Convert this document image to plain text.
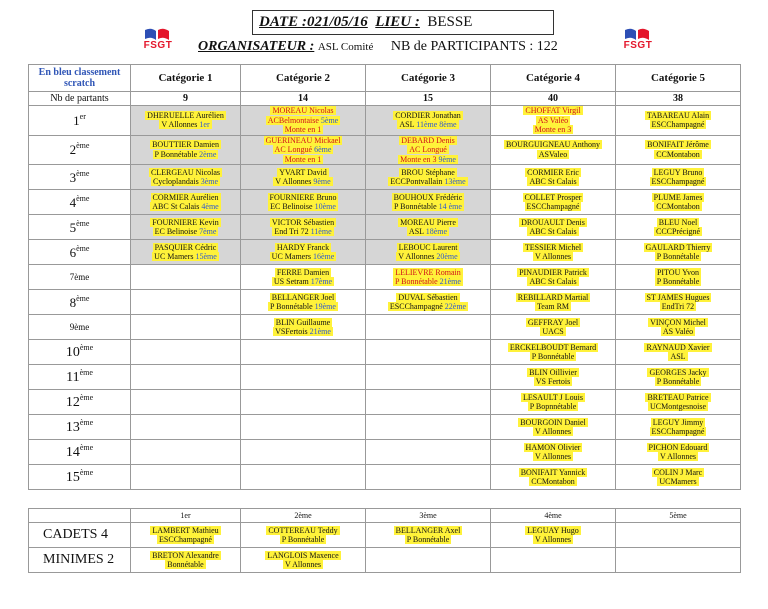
FSGT	FSGT
DATE :021/05/16 LIEU : BESSE
ORGANISATEUR : ASL Comité NB de PARTICIPANTS : 122
En bleu classement scratch	Catégorie 1	Catégorie 2	Catégorie 3	Catégorie 4	Catégorie 5
Nb de partants	9	14	15	40	38
1er	DHERUELLE Aurélien
V Allonnes 1er	MOREAU Nicolas
ACBelmontaise 5ème
Monte en 1	CORDIER Jonathan
ASL 11ème 8ème	CHOFFAT Virgil
AS Valéo
Monte en 3	TABAREAU Alain
ESCChampagné

2ème	BOUTTIER Damien
P Bonnétable 2ème	GUERINEAU Mickael
AC Longué 6ème
Monte en 1	DEBARD Denis
AC Longué
Monte en 3 9ème	BOURGUIGNEAU Anthony
ASValeo	BONIFAIT Jérôme
CCMontabon

3ème	CLERGEAU Nicolas
Cycloplandais 3ème	YVART David
V Allonnes 9ème	BROU Stéphane
ECCPontvallain 13ème	CORMIER Eric
ABC St Calais	LEGUY Bruno
ESCChampagné

4ème	CORMIER Aurélien
ABC St Calais 4ème	FOURNIERE Bruno
EC Belinoise 10ème	BOUHOUX Frédéric
P Bonnétable 14 ème	COLLET Prosper
ESCChampagné	PLUME James
CCMontabon

5ème	FOURNIERE Kevin
EC Belinoise 7ème	VICTOR Sébastien
End Tri 72 11ème	MOREAU Pierre
ASL 18ème	DROUAULT Denis
ABC St Calais	BLEU Noel
CCCPrécigné

6ème	PASQUIER Cédric
UC Mamers 15ème	HARDY Franck
UC Mamers 16ème	LEBOUC Laurent
V Allonnes 20ème	TESSIER Michel
V Allonnes	GAULARD Thierry
P Bonnétable

7ème		FERRE Damien
US Setram 17ème	LELIEVRE Romain
P Bonnétable 21ème	PINAUDIER Patrick
ABC St Calais	PITOU Yvon
P Bonnétable

8ème		BELLANGER Joel
P Bonnétable 19ème	DUVAL Sébastien
ESCChampagné 22ème	REBILLARD Martial
Team RM	ST JAMES Hugues
EndTri 72

9ème		BLIN Guillaume
VSFertois 21ème		GEFFRAY Joel
UACS	VINÇON Michel
AS Valéo

10ème				ERCKELBOUDT Bernard
P Bonnétable	RAYNAUD Xavier
ASL

11ème				BLIN Oillivier
VS Fertois	GEORGES Jacky
P Bonnétable

12ème				LESAULT J Louis
P Bopnnétable	BRETEAU Patrice
UCMontgesnoise

13ème				BOURGOIN Daniel
V Allonnes	LEGUY Jimmy
ESCChampagné

14ème				HAMON Olivier
V Allonnes	PICHON Edouard
V Allonnes

15ème				BONIFAIT Yannick
CCMontabon	COLIN J Marc
UCMamers
	1er	2ème	3ème	4ème	5ème
CADETS 4	LAMBERT Mathieu
ESCChampagné	COTTEREAU Teddy
P Bonnétable	BELLANGER Axel
P Bonnétable	LEGUAY Hugo
V Allonnes	

MINIMES 2	BRETON Alexandre
Bonnétable	LANGLOIS Maxence
V Allonnes			
